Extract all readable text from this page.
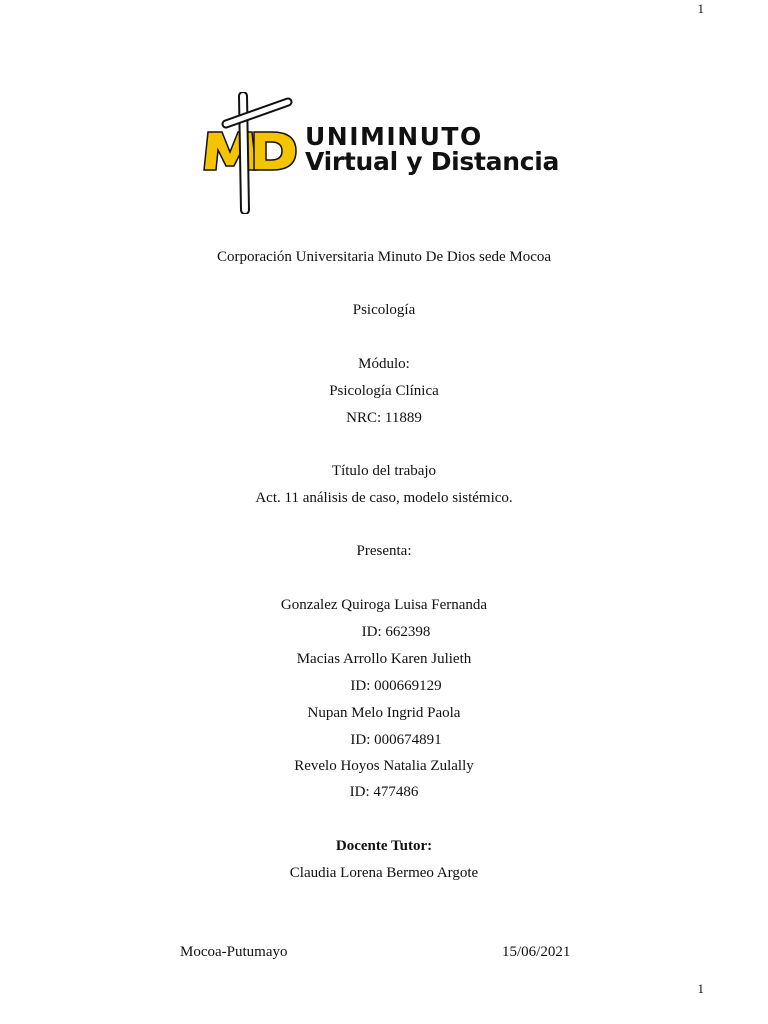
1
UNIMINUTO
Virtual y Distancia
Corporación Universitaria Minuto De Dios sede Mocoa
Psicología
Módulo:
Psicología Clínica
NRC: 11889
Título del trabajo
Act. 11 análisis de caso, modelo sistémico.
Presenta:
Gonzalez Quiroga Luisa Fernanda
ID: 662398
Macias Arrollo Karen Julieth
ID: 000669129
Nupan Melo Ingrid Paola
ID: 000674891
Revelo Hoyos Natalia Zulally
ID: 477486
Docente Tutor:
Claudia Lorena Bermeo Argote
Mocoa-Putumayo	15/06/2021
1
